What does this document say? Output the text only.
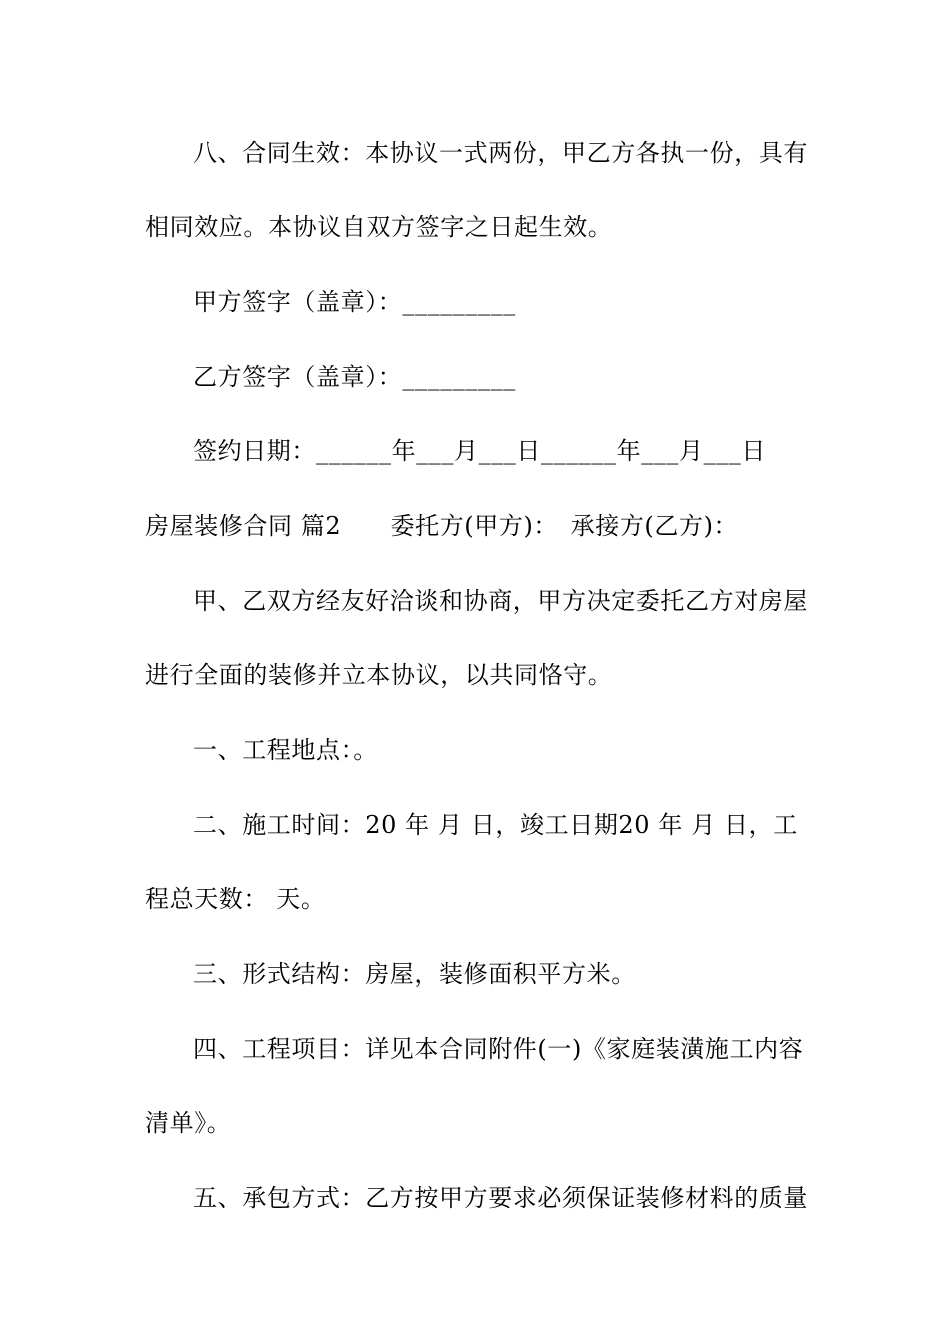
八、合同生效：本协议一式两份，甲乙方各执一份，具有
相同效应。本协议自双方签字之日起生效。
甲方签字（盖章）：_________
乙方签字（盖章）：_________
签约日期：______年___月___日______年___月___日
房屋装修合同 篇2　　委托方(甲方)：　承接方(乙方)：
甲、乙双方经友好洽谈和协商，甲方决定委托乙方对房屋
进行全面的装修并立本协议，以共同恪守。
一、工程地点：。
二、施工时间：20 年 月 日，竣工日期20 年 月 日，工
程总天数： 天。
三、形式结构：房屋，装修面积平方米。
四、工程项目：详见本合同附件(一)《家庭装潢施工内容
清单》。
五、承包方式：乙方按甲方要求必须保证装修材料的质量
